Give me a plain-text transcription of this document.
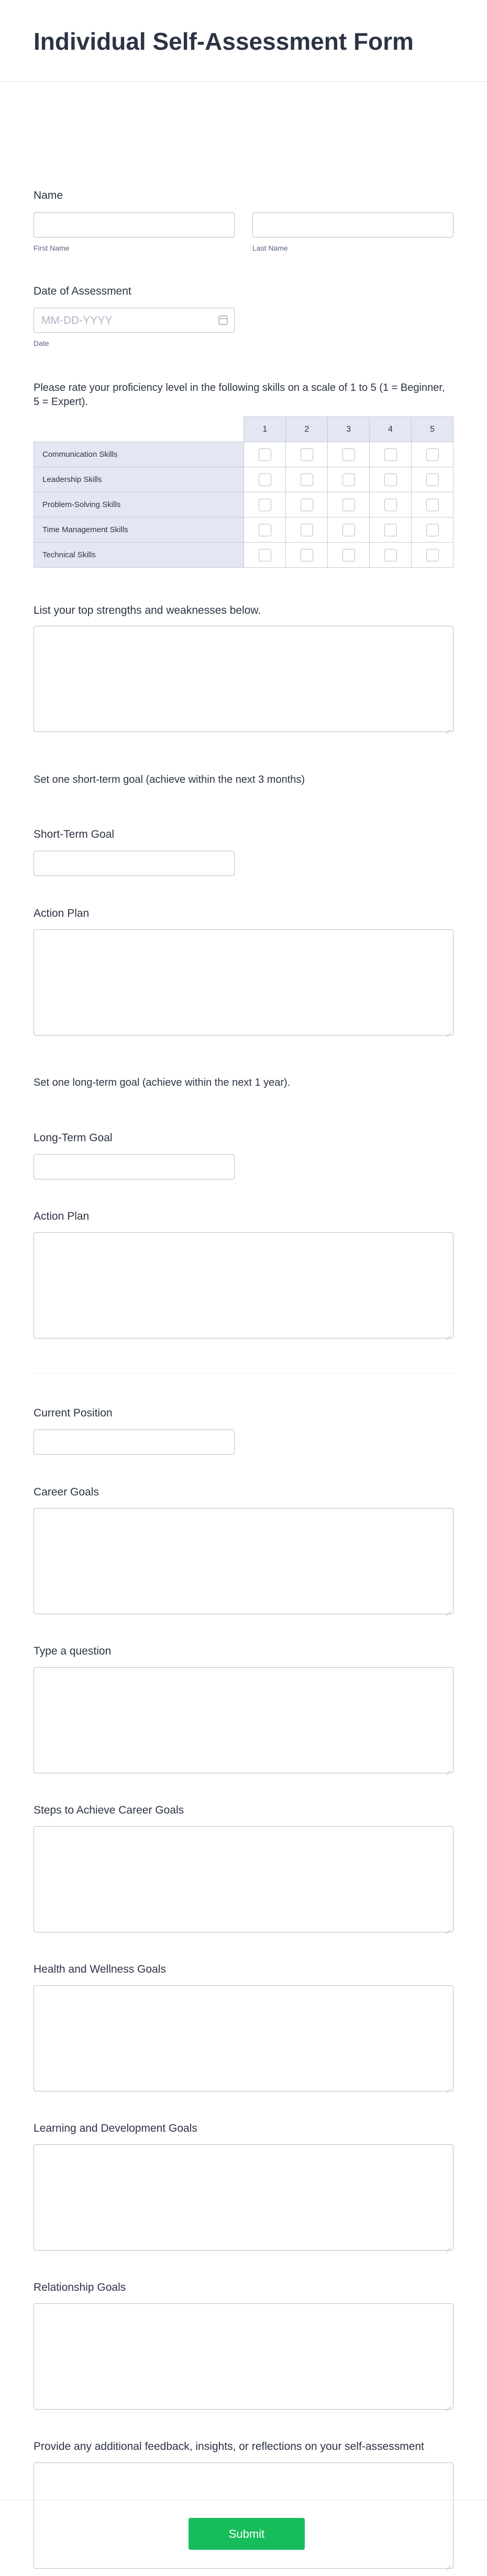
Individual Self-Assessment Form
Name
First Name	Last Name
Date of Assessment
MM-DD-YYYY
Date
Please rate your proficiency level in the following skills on a scale of 1 to 5 (1 = Beginner, 5 = Expert).
	1	2	3	4	5
Communication Skills					
Leadership Skills					
Problem-Solving Skills					
Time Management Skills					
Technical Skills					
List your top strengths and weaknesses below.
Set one short-term goal (achieve within the next 3 months)
Short-Term Goal
Action Plan
Set one long-term goal (achieve within the next 1 year).
Long-Term Goal
Action Plan
Current Position
Career Goals
Type a question
Steps to Achieve Career Goals
Health and Wellness Goals
Learning and Development Goals
Relationship Goals
Provide any additional feedback, insights, or reflections on your self-assessment
Submit
